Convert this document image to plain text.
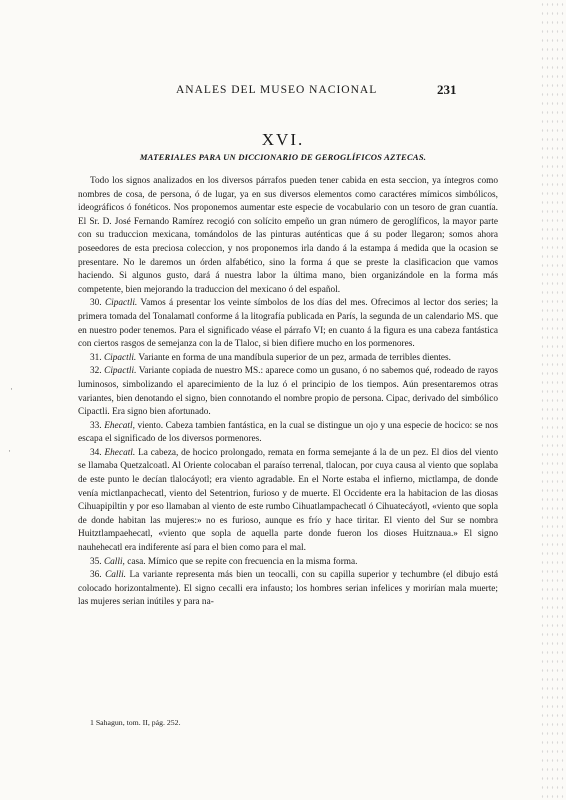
·
·
ANALES DEL MUSEO NACIONAL	231
XVI.
MATERIALES PARA UN DICCIONARIO DE GEROGLÍFICOS AZTECAS.

Todo los signos analizados en los diversos párrafos pueden tener cabida en esta seccion, ya íntegros como nombres de cosa, de persona, ó de lugar, ya en sus diversos elementos como caractéres mímicos simbólicos, ideográficos ó fonéticos. Nos proponemos aumentar este especie de vocabulario con un tesoro de gran cuantía. El Sr. D. José Fernando Ramírez recogió con solícito empeño un gran número de geroglíficos, la mayor parte con su traduccion mexicana, tomándolos de las pinturas auténticas que á su poder llegaron; somos ahora poseedores de esta preciosa coleccion, y nos proponemos irla dando á la estampa á medida que la ocasion se presentare. No le daremos un órden alfabético, sino la forma á que se preste la clasificacion que vamos haciendo. Si algunos gusto, dará á nuestra labor la última mano, bien organizándole en la forma más competente, bien mejorando la traduccion del mexicano ó del español.

30. Cipactli. Vamos á presentar los veinte símbolos de los días del mes. Ofrecimos al lector dos series; la primera tomada del Tonalamatl conforme á la litografía publicada en París, la segunda de un calendario MS. que en nuestro poder tenemos. Para el significado véase el párrafo VI; en cuanto á la figura es una cabeza fantástica con ciertos rasgos de semejanza con la de Tlaloc, si bien difiere mucho en los pormenores.

31. Cipactli. Variante en forma de una mandíbula superior de un pez, armada de terribles dientes.

32. Cipactli. Variante copiada de nuestro MS.: aparece como un gusano, ó no sabemos qué, rodeado de rayos luminosos, simbolizando el aparecimiento de la luz ó el principio de los tiempos. Aún presentaremos otras variantes, bien denotando el signo, bien connotando el nombre propio de persona. Cipac, derivado del simbólico Cipactli. Era signo bien afortunado.

33. Ehecatl, viento. Cabeza tambien fantástica, en la cual se distingue un ojo y una especie de hocico: se nos escapa el significado de los diversos pormenores.

34. Ehecatl. La cabeza, de hocico prolongado, remata en forma semejante á la de un pez. El dios del viento se llamaba Quetzalcoatl. Al Oriente colocaban el paraíso terrenal, tlalocan, por cuya causa al viento que soplaba de este punto le decían tlalocáyotl; era viento agradable. En el Norte estaba el infierno, mictlampa, de donde venía mictlanpachecatl, viento del Setentrion, furioso y de muerte. El Occidente era la habitacion de las diosas Cihuapipiltin y por eso llamaban al viento de este rumbo Cihuatlampachecatl ó Cihuatecáyotl, «viento que sopla de donde habitan las mujeres:» no es furioso, aunque es frío y hace tiritar. El viento del Sur se nombra Huitztlampaehecatl, «viento que sopla de aquella parte donde fueron los dioses Huitznaua.» El signo nauhehecatl era indiferente así para el bien como para el mal.

35. Calli, casa. Mímico que se repite con frecuencia en la misma forma.

36. Calli. La variante representa más bien un teocalli, con su capilla superior y techumbre (el dibujo está colocado horizontalmente). El signo cecalli era infausto; los hombres serian infelices y morirían mala muerte; las mujeres serian inútiles y para na-

1 Sahagun, tom. II, pág. 252.
